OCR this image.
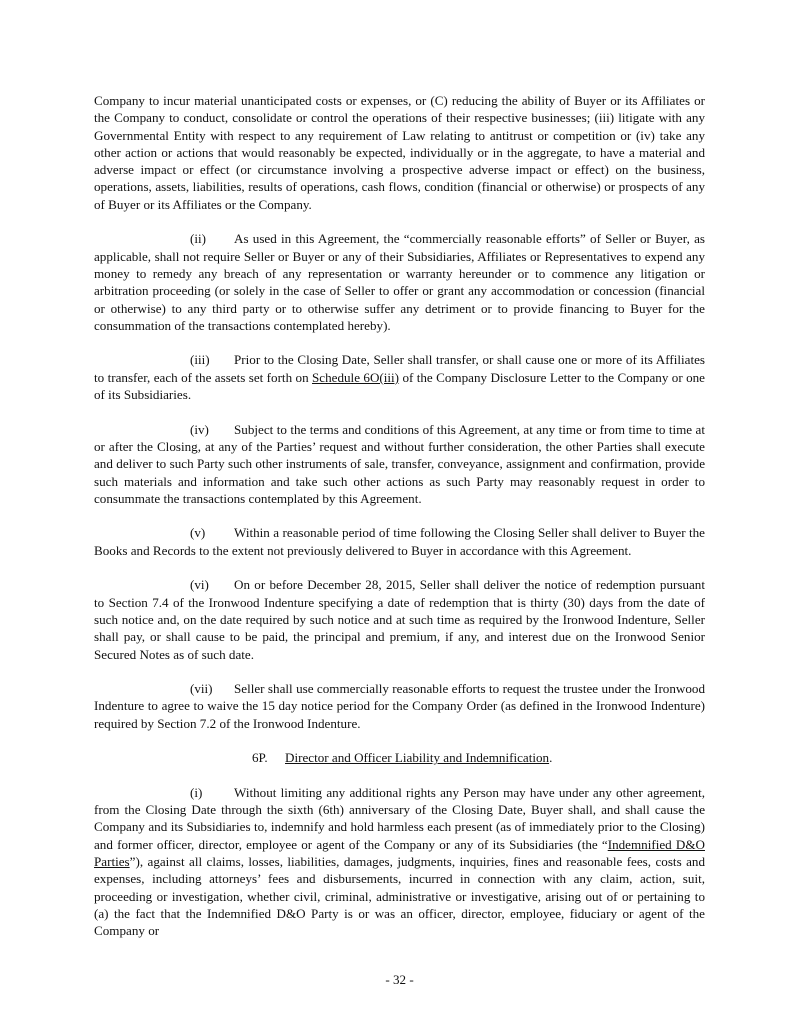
Company to incur material unanticipated costs or expenses, or (C) reducing the ability of Buyer or its Affiliates or the Company to conduct, consolidate or control the operations of their respective businesses; (iii) litigate with any Governmental Entity with respect to any requirement of Law relating to antitrust or competition or (iv) take any other action or actions that would reasonably be expected, individually or in the aggregate, to have a material and adverse impact or effect (or circumstance involving a prospective adverse impact or effect) on the business, operations, assets, liabilities, results of operations, cash flows, condition (financial or otherwise) or prospects of any of Buyer or its Affiliates or the Company.

(ii) As used in this Agreement, the “commercially reasonable efforts” of Seller or Buyer, as applicable, shall not require Seller or Buyer or any of their Subsidiaries, Affiliates or Representatives to expend any money to remedy any breach of any representation or warranty hereunder or to commence any litigation or arbitration proceeding (or solely in the case of Seller to offer or grant any accommodation or concession (financial or otherwise) to any third party or to otherwise suffer any detriment or to provide financing to Buyer for the consummation of the transactions contemplated hereby).

(iii) Prior to the Closing Date, Seller shall transfer, or shall cause one or more of its Affiliates to transfer, each of the assets set forth on Schedule 6O(iii) of the Company Disclosure Letter to the Company or one of its Subsidiaries.

(iv) Subject to the terms and conditions of this Agreement, at any time or from time to time at or after the Closing, at any of the Parties’ request and without further consideration, the other Parties shall execute and deliver to such Party such other instruments of sale, transfer, conveyance, assignment and confirmation, provide such materials and information and take such other actions as such Party may reasonably request in order to consummate the transactions contemplated by this Agreement.

(v) Within a reasonable period of time following the Closing Seller shall deliver to Buyer the Books and Records to the extent not previously delivered to Buyer in accordance with this Agreement.

(vi) On or before December 28, 2015, Seller shall deliver the notice of redemption pursuant to Section 7.4 of the Ironwood Indenture specifying a date of redemption that is thirty (30) days from the date of such notice and, on the date required by such notice and at such time as required by the Ironwood Indenture, Seller shall pay, or shall cause to be paid, the principal and premium, if any, and interest due on the Ironwood Senior Secured Notes as of such date.

(vii) Seller shall use commercially reasonable efforts to request the trustee under the Ironwood Indenture to agree to waive the 15 day notice period for the Company Order (as defined in the Ironwood Indenture) required by Section 7.2 of the Ironwood Indenture.

6P. Director and Officer Liability and Indemnification.

(i) Without limiting any additional rights any Person may have under any other agreement, from the Closing Date through the sixth (6th) anniversary of the Closing Date, Buyer shall, and shall cause the Company and its Subsidiaries to, indemnify and hold harmless each present (as of immediately prior to the Closing) and former officer, director, employee or agent of the Company or any of its Subsidiaries (the “Indemnified D&O Parties”), against all claims, losses, liabilities, damages, judgments, inquiries, fines and reasonable fees, costs and expenses, including attorneys’ fees and disbursements, incurred in connection with any claim, action, suit, proceeding or investigation, whether civil, criminal, administrative or investigative, arising out of or pertaining to (a) the fact that the Indemnified D&O Party is or was an officer, director, employee, fiduciary or agent of the Company or

- 32 -
